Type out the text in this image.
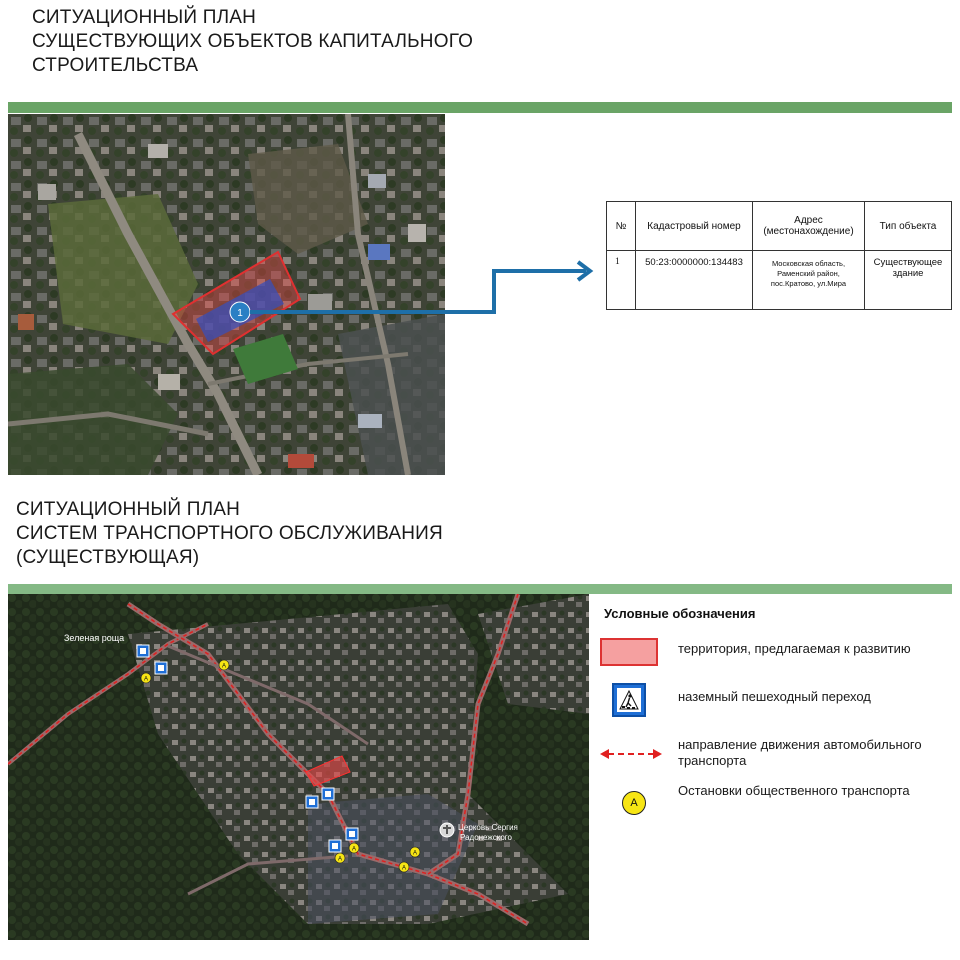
СИТУАЦИОННЫЙ ПЛАН
СУЩЕСТВУЮЩИХ ОБЪЕКТОВ КАПИТАЛЬНОГО
СТРОИТЕЛЬСТВА
1
№	Кадастровый номер	Адрес (местонахождение)	Тип объекта
1	50:23:0000000:134483	Московская область, Раменский район, пос.Кратово, ул.Мира	Существующее здание
СИТУАЦИОННЫЙ ПЛАН
СИСТЕМ ТРАНСПОРТНОГО ОБСЛУЖИВАНИЯ
(СУЩЕСТВУЮЩАЯ)
Зеленая роща
A
A
A
A
A
A
Церковь Сергия
Радонежского
Условные обозначения
территория, предлагаемая к развитию
наземный пешеходный переход
направление движения автомобильного транспорта
A
Остановки общественного транспорта
